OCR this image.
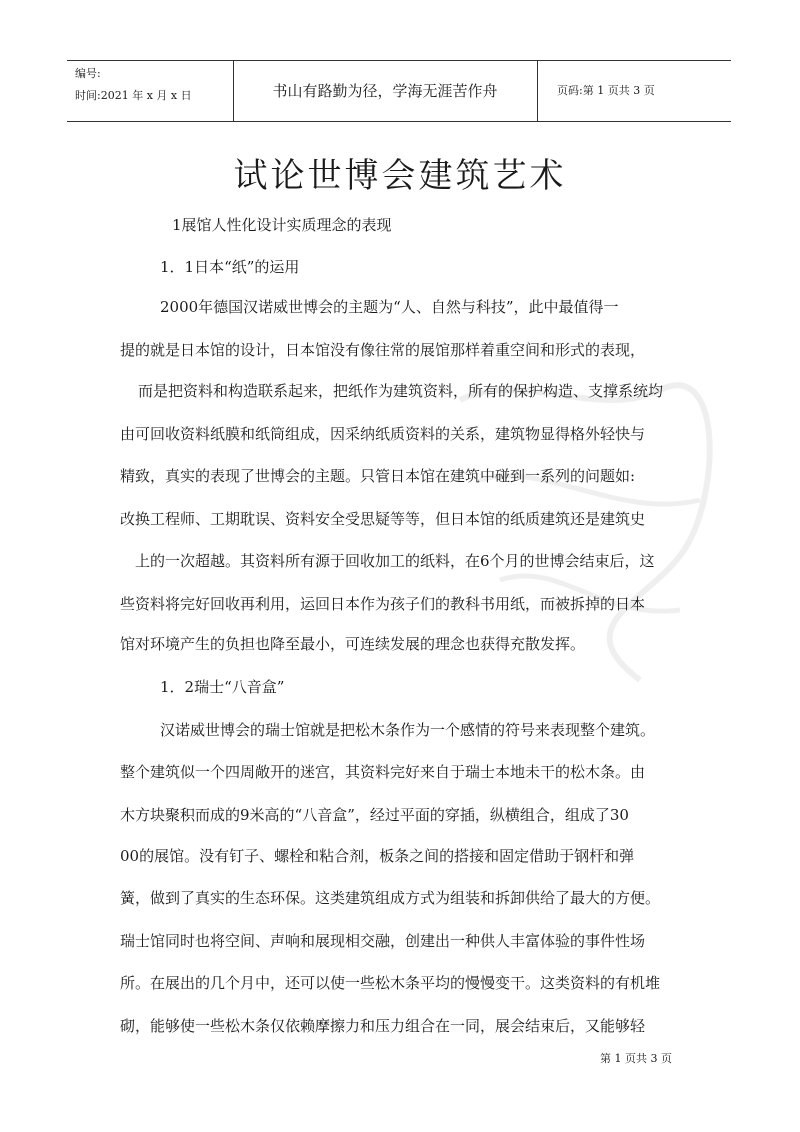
编号:
时间:2021 年 x 月 x 日	书山有路勤为径，学海无涯苦作舟	页码:第 1 页共 3 页
试论世博会建筑艺术
1展馆人性化设计实质理念的表现
1．1日本“纸”的运用
2000年德国汉诺威世博会的主题为“人、自然与科技”，此中最值得一
提的就是日本馆的设计，日本馆没有像往常的展馆那样着重空间和形式的表现，
而是把资料和构造联系起来，把纸作为建筑资料，所有的保护构造、支撑系统均
由可回收资料纸膜和纸筒组成，因采纳纸质资料的关系，建筑物显得格外轻快与
精致，真实的表现了世博会的主题。只管日本馆在建筑中碰到一系列的问题如:
改换工程师、工期耽误、资料安全受思疑等等，但日本馆的纸质建筑还是建筑史
上的一次超越。其资料所有源于回收加工的纸料，在6个月的世博会结束后，这
些资料将完好回收再利用，运回日本作为孩子们的教科书用纸，而被拆掉的日本
馆对环境产生的负担也降至最小，可连续发展的理念也获得充散发挥。
1．2瑞士“八音盒”
汉诺威世博会的瑞士馆就是把松木条作为一个感情的符号来表现整个建筑。
整个建筑似一个四周敞开的迷宫，其资料完好来自于瑞士本地未干的松木条。由
木方块聚积而成的9米高的“八音盒”，经过平面的穿插，纵横组合，组成了30
00的展馆。没有钉子、螺栓和粘合剂，板条之间的搭接和固定借助于钢杆和弹
簧，做到了真实的生态环保。这类建筑组成方式为组装和拆卸供给了最大的方便。
瑞士馆同时也将空间、声响和展现相交融，创建出一种供人丰富体验的事件性场
所。在展出的几个月中，还可以使一些松木条平均的慢慢变干。这类资料的有机堆
砌，能够使一些松木条仅依赖摩擦力和压力组合在一同，展会结束后，又能够轻
第 1 页共 3 页
